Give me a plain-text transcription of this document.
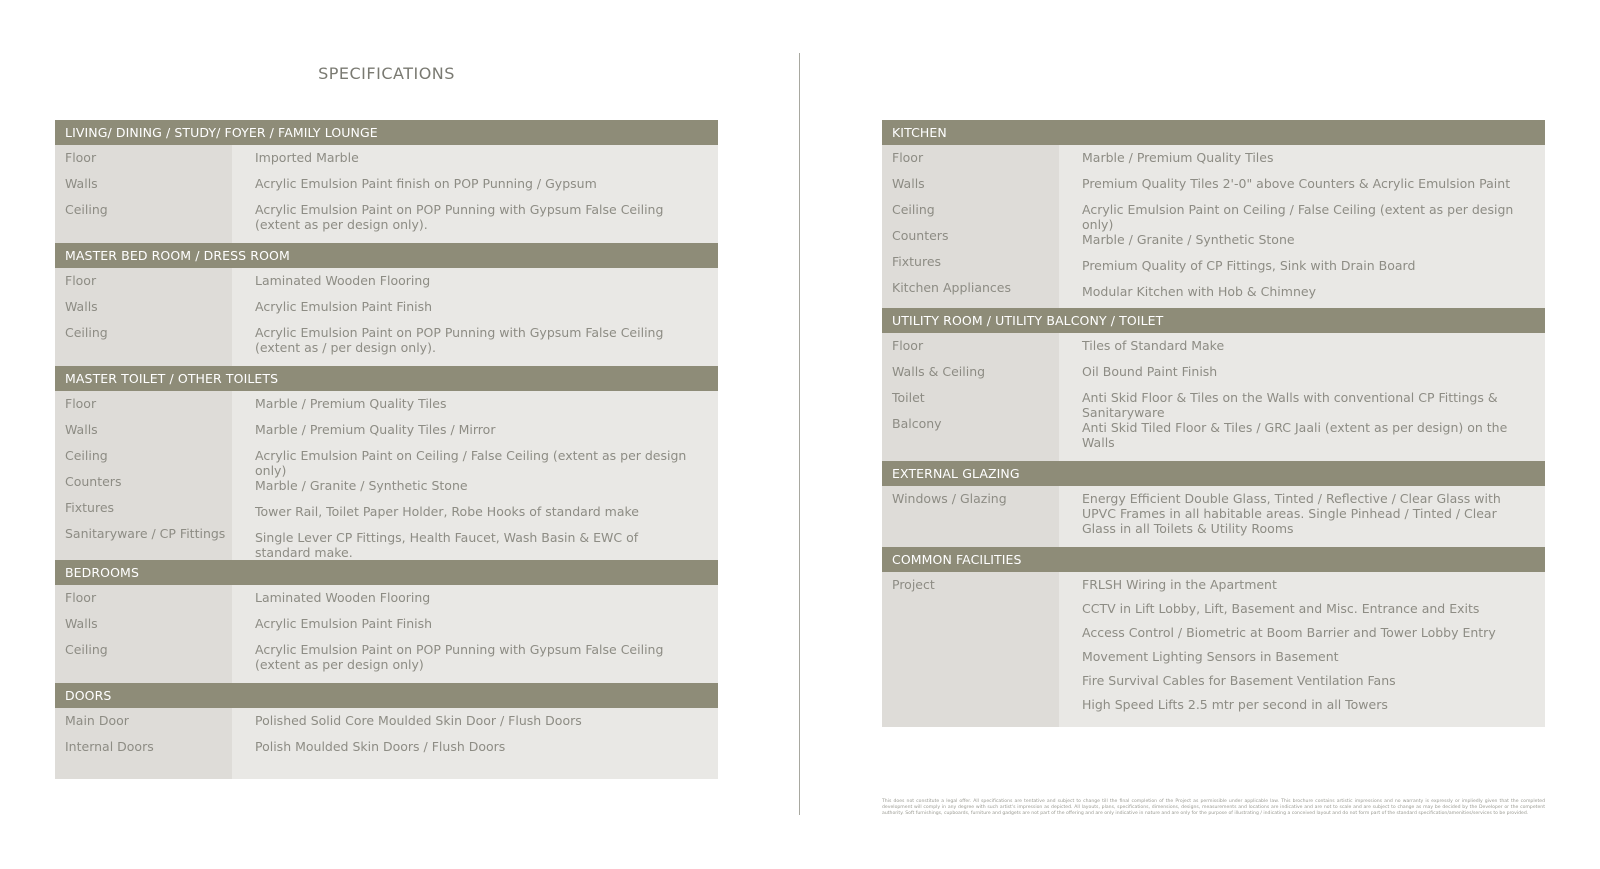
SPECIFICATIONS
LIVING/ DINING / STUDY/ FOYER / FAMILY LOUNGE
Floor
Walls
Ceiling
Imported Marble
Acrylic Emulsion Paint finish on POP Punning / Gypsum
Acrylic Emulsion Paint on POP Punning with Gypsum False Ceiling (extent as per design only).
MASTER BED ROOM / DRESS ROOM
Floor
Walls
Ceiling
Laminated Wooden Flooring
Acrylic Emulsion Paint Finish
Acrylic Emulsion Paint on POP Punning with Gypsum False Ceiling (extent as / per design only).
MASTER TOILET / OTHER TOILETS
Floor
Walls
Ceiling
Counters
Fixtures
Sanitaryware / CP Fittings
Marble / Premium Quality Tiles
Marble / Premium Quality Tiles / Mirror
Acrylic Emulsion Paint on Ceiling / False Ceiling (extent as per design only)
Marble / Granite / Synthetic Stone
Tower Rail, Toilet Paper Holder, Robe Hooks of standard make
Single Lever CP Fittings, Health Faucet, Wash Basin & EWC of standard make.
BEDROOMS
Floor
Walls
Ceiling
Laminated Wooden Flooring
Acrylic Emulsion Paint Finish
Acrylic Emulsion Paint on POP Punning with Gypsum False Ceiling (extent as per design only)
DOORS
Main Door
Internal Doors
Polished Solid Core Moulded Skin Door / Flush Doors
Polish Moulded Skin Doors / Flush Doors
KITCHEN
Floor
Walls
Ceiling
Counters
Fixtures
Kitchen Appliances
Marble / Premium Quality Tiles
Premium Quality Tiles 2'-0" above Counters & Acrylic Emulsion Paint
Acrylic Emulsion Paint on Ceiling / False Ceiling (extent as per design only)
Marble / Granite / Synthetic Stone
Premium Quality of CP Fittings, Sink with Drain Board
Modular Kitchen with Hob & Chimney
UTILITY ROOM / UTILITY BALCONY / TOILET
Floor
Walls & Ceiling
Toilet
Balcony
Tiles of Standard Make
Oil Bound Paint Finish
Anti Skid Floor & Tiles on the Walls with conventional CP Fittings & Sanitaryware
Anti Skid Tiled Floor & Tiles / GRC Jaali (extent as per design) on the Walls
EXTERNAL GLAZING
Windows / Glazing	Energy Efficient Double Glass, Tinted / Reflective / Clear Glass with UPVC Frames in all habitable areas. Single Pinhead / Tinted / Clear Glass in all Toilets & Utility Rooms
COMMON FACILITIES
Project	FRLSH Wiring in the Apartment
CCTV in Lift Lobby, Lift, Basement and Misc. Entrance and Exits
Access Control / Biometric at Boom Barrier and Tower Lobby Entry
Movement Lighting Sensors in Basement
Fire Survival Cables for Basement Ventilation Fans
High Speed Lifts 2.5 mtr per second in all Towers
This does not constitute a legal offer. All specifications are tentative and subject to change till the final completion of the Project as permissible under applicable law. This brochure contains artistic impressions and no warranty is expressly or impliedly given that the completed development will comply in any degree with such artist's impression as depicted. All layouts, plans, specifications, dimensions, designs, measurements and locations are indicative and are not to scale and are subject to change as may be decided by the Developer or the competent authority. Soft furnishings, cupboards, furniture and gadgets are not part of the offering and are only indicative in nature and are only for the purpose of illustrating / indicating a conceived layout and do not form part of the standard specification/amenities/services to be provided.
